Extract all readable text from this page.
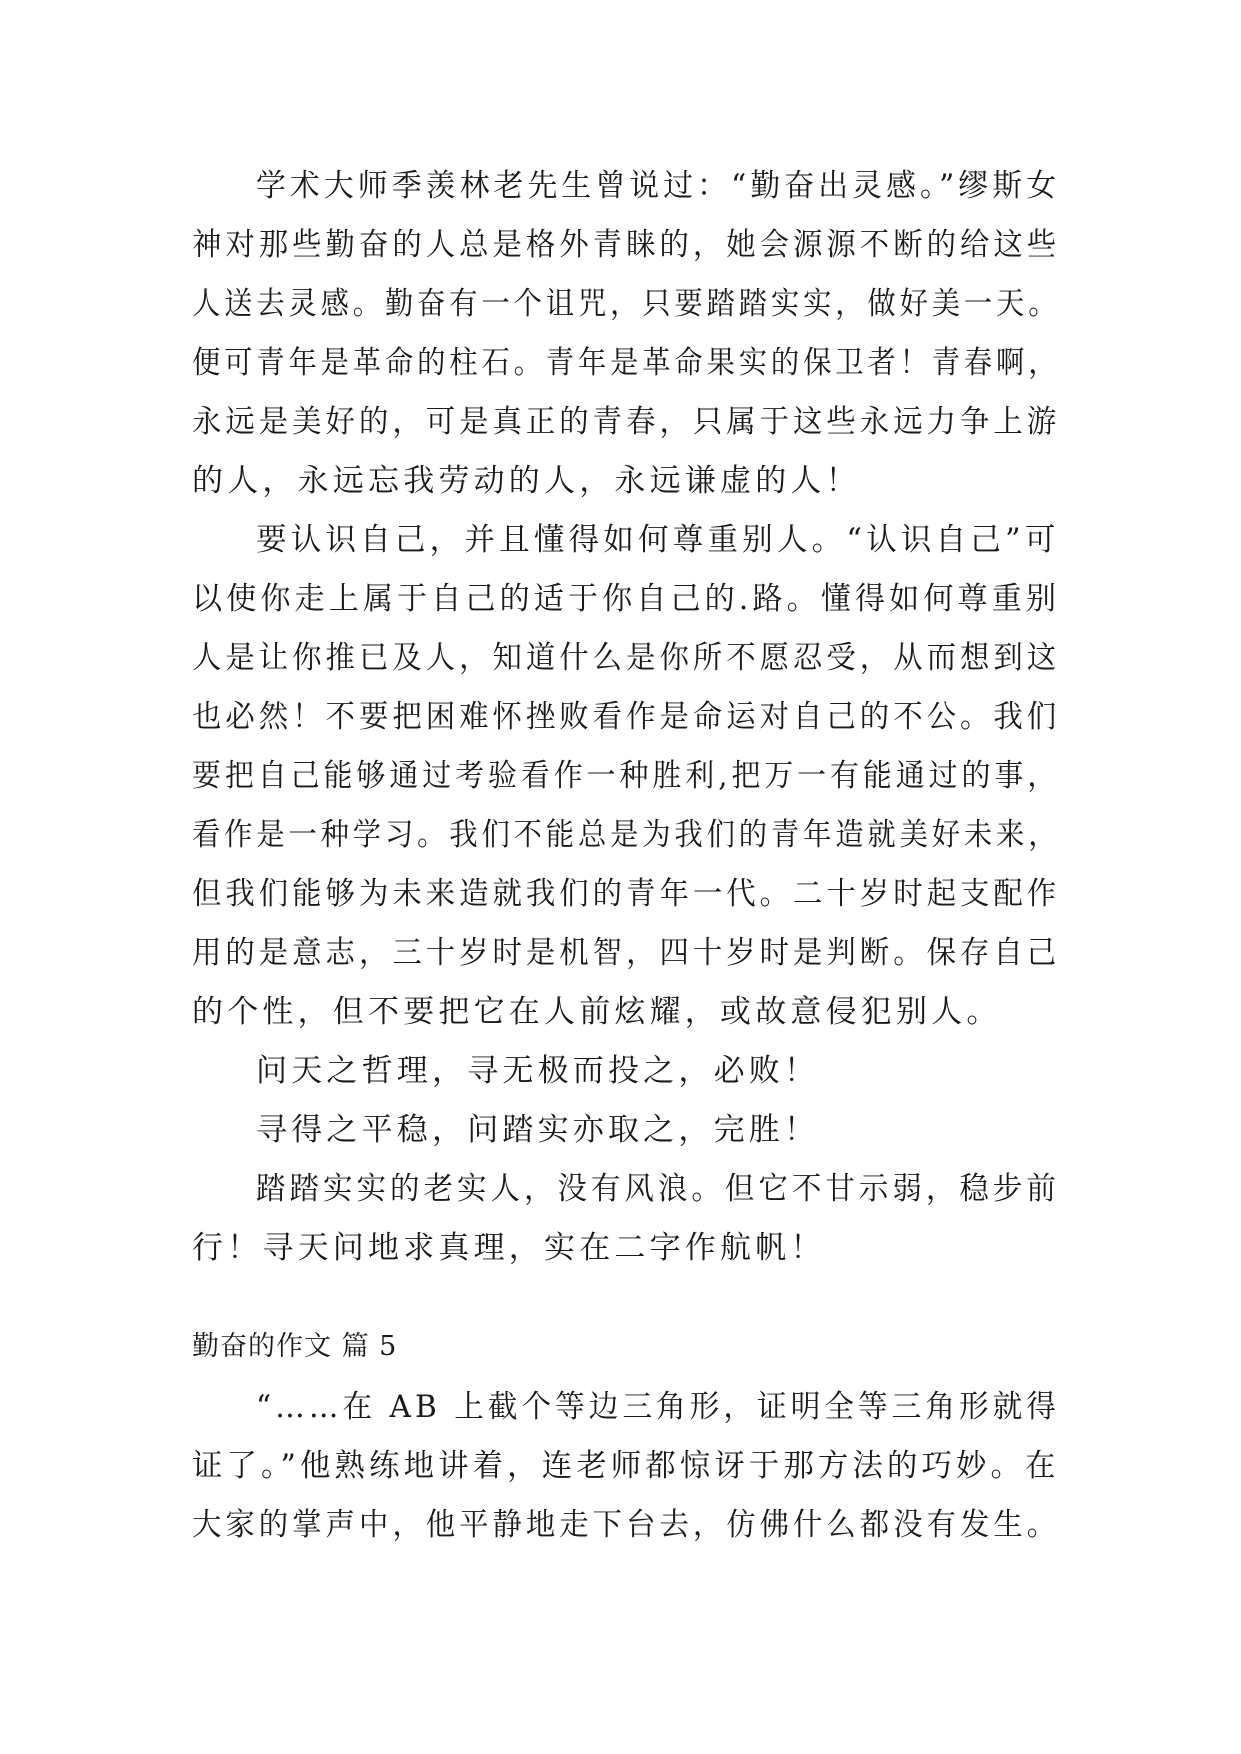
学术大师季羡林老先生曾说过：“勤奋出灵感。”缪斯女
神对那些勤奋的人总是格外青睐的，她会源源不断的给这些
人送去灵感。勤奋有一个诅咒，只要踏踏实实，做好美一天。
便可青年是革命的柱石。青年是革命果实的保卫者！青春啊，
永远是美好的，可是真正的青春，只属于这些永远力争上游
的人，永远忘我劳动的人，永远谦虚的人！
要认识自己，并且懂得如何尊重别人。“认识自己”可
以使你走上属于自己的适于你自己的.路。懂得如何尊重别
人是让你推已及人，知道什么是你所不愿忍受，从而想到这
也必然！不要把困难怀挫败看作是命运对自己的不公。我们
要把自己能够通过考验看作一种胜利,把万一有能通过的事，
看作是一种学习。我们不能总是为我们的青年造就美好未来，
但我们能够为未来造就我们的青年一代。二十岁时起支配作
用的是意志，三十岁时是机智，四十岁时是判断。保存自己
的个性，但不要把它在人前炫耀，或故意侵犯别人。
问天之哲理，寻无极而投之，必败！
寻得之平稳，问踏实亦取之，完胜！
踏踏实实的老实人，没有风浪。但它不甘示弱，稳步前
行！寻天问地求真理，实在二字作航帆！
勤奋的作文 篇 5
“……在 AB 上截个等边三角形，证明全等三角形就得
证了。”他熟练地讲着，连老师都惊讶于那方法的巧妙。在
大家的掌声中，他平静地走下台去，仿佛什么都没有发生。
